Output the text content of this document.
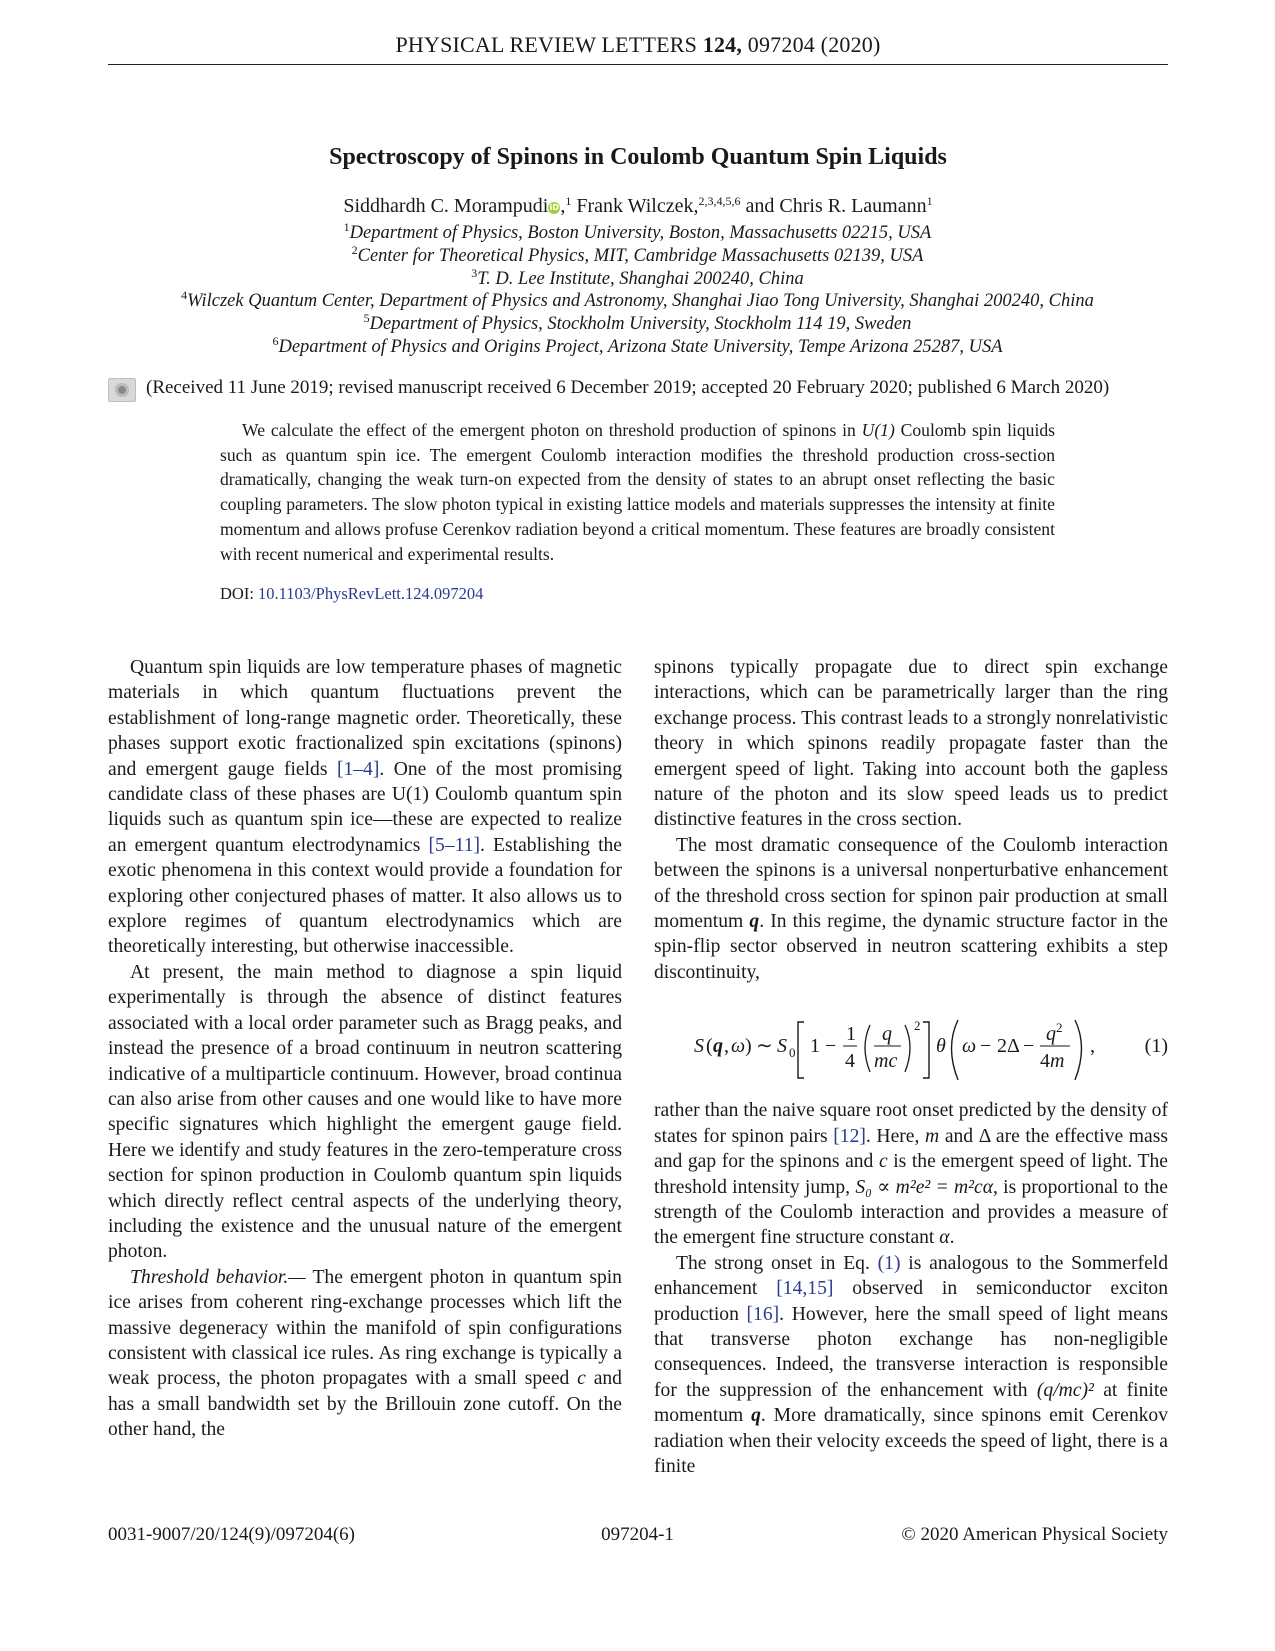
PHYSICAL REVIEW LETTERS 124, 097204 (2020)
Spectroscopy of Spinons in Coulomb Quantum Spin Liquids
Siddhardh C. MorampudiiD,$^1$ Frank Wilczek,$^{2,3,4,5,6}$ and Chris R. Laumann$^1$
$^1$Department of Physics, Boston University, Boston, Massachusetts 02215, USA
$^2$Center for Theoretical Physics, MIT, Cambridge Massachusetts 02139, USA
$^3$T. D. Lee Institute, Shanghai 200240, China
$^4$Wilczek Quantum Center, Department of Physics and Astronomy, Shanghai Jiao Tong University, Shanghai 200240, China
$^5$Department of Physics, Stockholm University, Stockholm 114 19, Sweden
$^6$Department of Physics and Origins Project, Arizona State University, Tempe Arizona 25287, USA
(Received 11 June 2019; revised manuscript received 6 December 2019; accepted 20 February 2020; published 6 March 2020)
We calculate the effect of the emergent photon on threshold production of spinons in U(1) Coulomb spin liquids such as quantum spin ice. The emergent Coulomb interaction modifies the threshold production cross-section dramatically, changing the weak turn-on expected from the density of states to an abrupt onset reflecting the basic coupling parameters. The slow photon typical in existing lattice models and materials suppresses the intensity at finite momentum and allows profuse Cerenkov radiation beyond a critical momentum. These features are broadly consistent with recent numerical and experimental results.
DOI: 10.1103/PhysRevLett.124.097204

Quantum spin liquids are low temperature phases of magnetic materials in which quantum fluctuations prevent the establishment of long-range magnetic order. Theoretically, these phases support exotic fractionalized spin excitations (spinons) and emergent gauge fields [1–4]. One of the most promising candidate class of these phases are U(1) Coulomb quantum spin liquids such as quantum spin ice—these are expected to realize an emergent quantum electrodynamics [5–11]. Establishing the exotic phenomena in this context would provide a foundation for exploring other conjectured phases of matter. It also allows us to explore regimes of quantum electrodynamics which are theoretically interesting, but otherwise inaccessible.

At present, the main method to diagnose a spin liquid experimentally is through the absence of distinct features associated with a local order parameter such as Bragg peaks, and instead the presence of a broad continuum in neutron scattering indicative of a multiparticle continuum. However, broad continua can also arise from other causes and one would like to have more specific signatures which highlight the emergent gauge field. Here we identify and study features in the zero-temperature cross section for spinon production in Coulomb quantum spin liquids which directly reflect central aspects of the underlying theory, including the existence and the unusual nature of the emergent photon.

Threshold behavior.— The emergent photon in quantum spin ice arises from coherent ring-exchange processes which lift the massive degeneracy within the manifold of spin configurations consistent with classical ice rules. As ring exchange is typically a weak process, the photon propagates with a small speed c and has a small bandwidth set by the Brillouin zone cutoff. On the other hand, the

spinons typically propagate due to direct spin exchange interactions, which can be parametrically larger than the ring exchange process. This contrast leads to a strongly nonrelativistic theory in which spinons readily propagate faster than the emergent speed of light. Taking into account both the gapless nature of the photon and its slow speed leads us to predict distinctive features in the cross section.

The most dramatic consequence of the Coulomb interaction between the spinons is a universal nonperturbative enhancement of the threshold cross section for spinon pair production at small momentum q. In this regime, the dynamic structure factor in the spin-flip sector observed in neutron scattering exhibits a step discontinuity,

S ( q , ω ) ∼ S 0 1 −
1
4
q
mc
2
θ ω − 2Δ −
q 2
4 m
, (1)

rather than the naive square root onset predicted by the density of states for spinon pairs [12]. Here, m and Δ are the effective mass and gap for the spinons and c is the emergent speed of light. The threshold intensity jump, S₀ ∝ m²e² = m²cα, is proportional to the strength of the Coulomb interaction and provides a measure of the emergent fine structure constant α.

The strong onset in Eq. (1) is analogous to the Sommerfeld enhancement [14,15] observed in semiconductor exciton production [16]. However, here the small speed of light means that transverse photon exchange has non-negligible consequences. Indeed, the transverse interaction is responsible for the suppression of the enhancement with (q/mc)² at finite momentum q. More dramatically, since spinons emit Cerenkov radiation when their velocity exceeds the speed of light, there is a finite

097204-1
0031-9007/20/124(9)/097204(6)	© 2020 American Physical Society
